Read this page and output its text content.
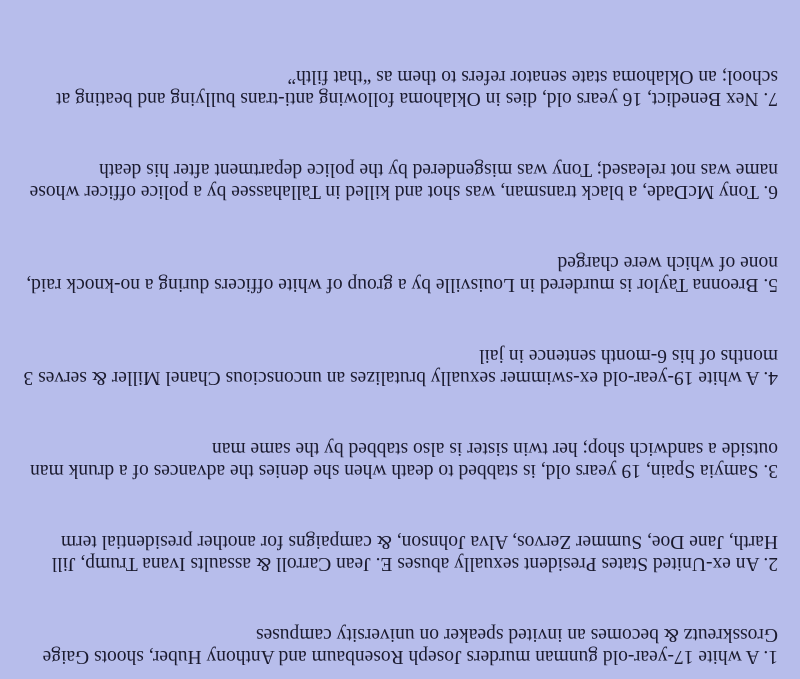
1. A white 17-year-old gunman murders Joseph Rosenbaum and Anthony Huber, shoots Gaige
Grosskreutz & becomes an invited speaker on university campuses
2. An ex-United States President sexually abuses E. Jean Carroll & assaults Ivana Trump, Jill
Harth, Jane Doe, Summer Zervos, Alva Johnson, & campaigns for another presidential term
3. Samyia Spain, 19 years old, is stabbed to death when she denies the advances of a drunk man
outside a sandwich shop; her twin sister is also stabbed by the same man
4. A white 19-year-old ex-swimmer sexually brutalizes an unconscious Chanel Miller & serves 3
months of his 6-month sentence in jail
5. Breonna Taylor is murdered in Louisville by a group of white officers during a no-knock raid,
none of which were charged
6. Tony McDade, a black transman, was shot and killed in Tallahassee by a police officer whose
name was not released; Tony was misgendered by the police department after his death
7. Nex Benedict, 16 years old, dies in Oklahoma following anti-trans bullying and beating at
school; an Oklahoma state senator refers to them as “that filth”
